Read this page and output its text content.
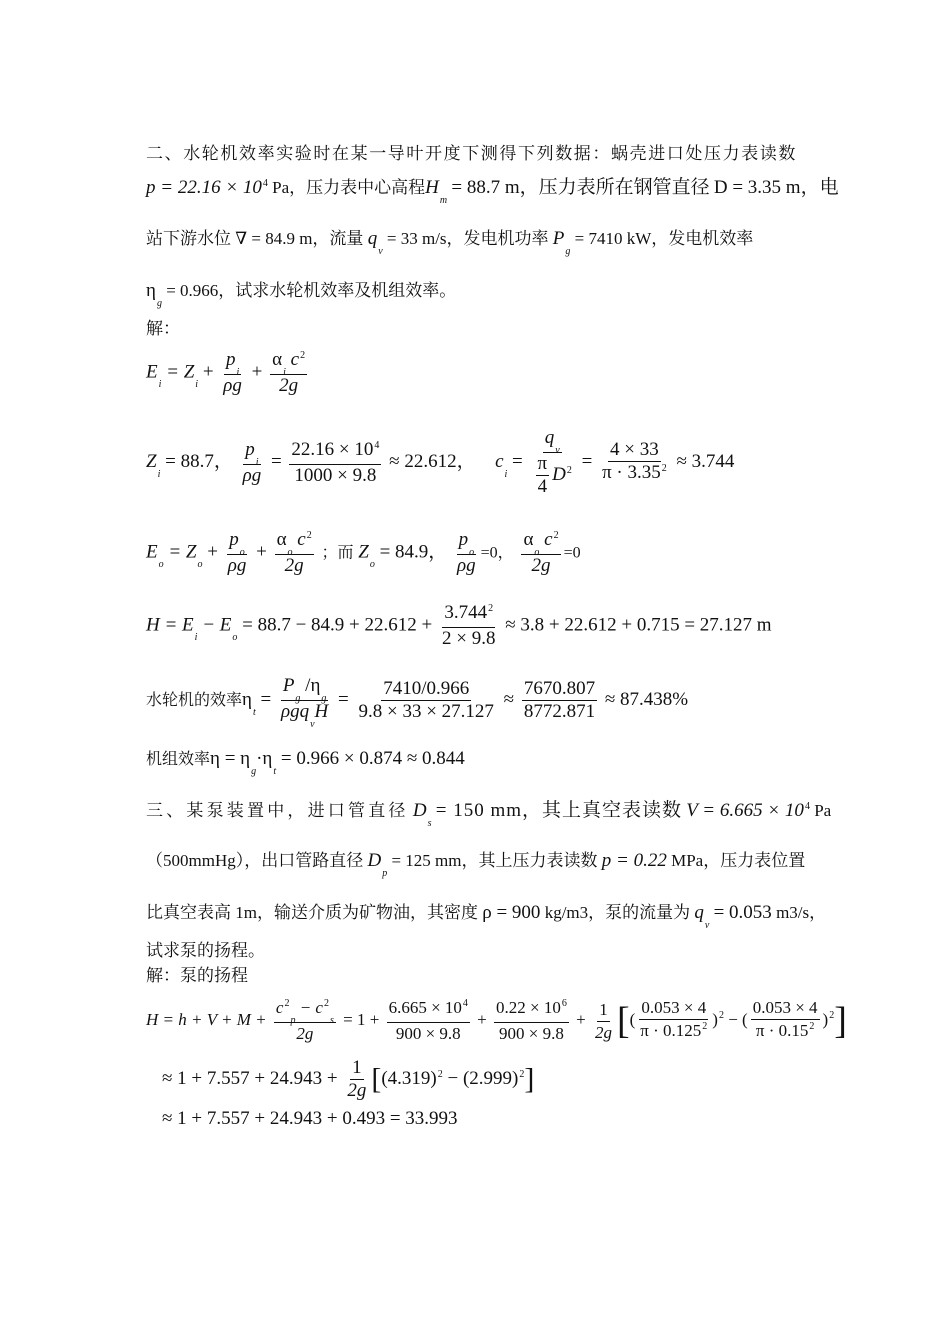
二、水轮机效率实验时在某一导叶开度下测得下列数据：蜗壳进口处压力表读数
$p = 22.16 \times 10^4$ Pa，压力表中心高程$H_m = 88.7$ m，压力表所在钢管直径 D = 3.35 m，电
站下游水位 ∇ = 84.9 m，流量 $q_v = 33$ m/s，发电机功率 $P_g = 7410$ kW，发电机效率
$\eta_g = 0.966$，试求水轮机效率及机组效率。
解：
$E_i = Z_i + \frac{p_i}{\rho g} + \frac{\alpha_i c^2}{2g}$
$Z_i = 88.7$， $\frac{p_i}{\rho g} = \frac{22.16 \times 10^4}{1000 \times 9.8} \approx 22.612$， $c_i = \frac{q_v}{\frac{\pi}{4} D^2} = \frac{4 \times 33}{\pi \cdot 3.35^2} \approx 3.744$
$E_o = Z_o + \frac{p_o}{\rho g} + \frac{\alpha_o c^2}{2g}$ ；而 $Z_o = 84.9$， $\frac{p_o}{\rho g} =0$， $\frac{\alpha_o c^2}{2g} =0$
$H = E_i - E_o = 88.7 - 84.9 + 22.612 + \frac{3.744^2}{2 \times 9.8} \approx 3.8 + 22.612 + 0.715 = 27.127$ m
水轮机的效率$\eta_t = \frac{P_g /\eta_g}{\rho gq_vH} = \frac{7410/0.966}{9.8 \times 33 \times 27.127} \approx \frac{7670.807}{8772.871} \approx 87.438\%$
机组效率$\eta = \eta_g\cdot\eta_t = 0.966 \times 0.874 \approx 0.844$
三、某泵装置中，进口管直径 $D_s = 150$ mm，其上真空表读数 $V = 6.665 \times 10^4$ Pa
（500mmHg），出口管路直径 $D_p = 125$ mm，其上压力表读数 p = 0.22 MPa，压力表位置
比真空表高 1m，输送介质为矿物油，其密度 ρ = 900 kg/m3，泵的流量为 $q_v = 0.053$ m3/s，
试求泵的扬程。
解：泵的扬程
$H = h + V + M + \frac{c^2_p - c^2_s}{2g} = 1 + \frac{6.665 \times 10^4}{900 \times 9.8} + \frac{0.22 \times 10^6}{900 \times 9.8} + \frac{1}{2g}$ [( $\frac{0.053 \times 4}{\pi \cdot 0.125^2} )^2$ − ( $\frac{0.053 \times 4}{\pi \cdot 0.15^2} )^2$]
≈ $1 + 7.557 + 24.943 + \frac{1}{2g} [(4.319)^2 - (2.999)^2]$
≈ 1 + 7.557 + 24.943 + 0.493 = 33.993
